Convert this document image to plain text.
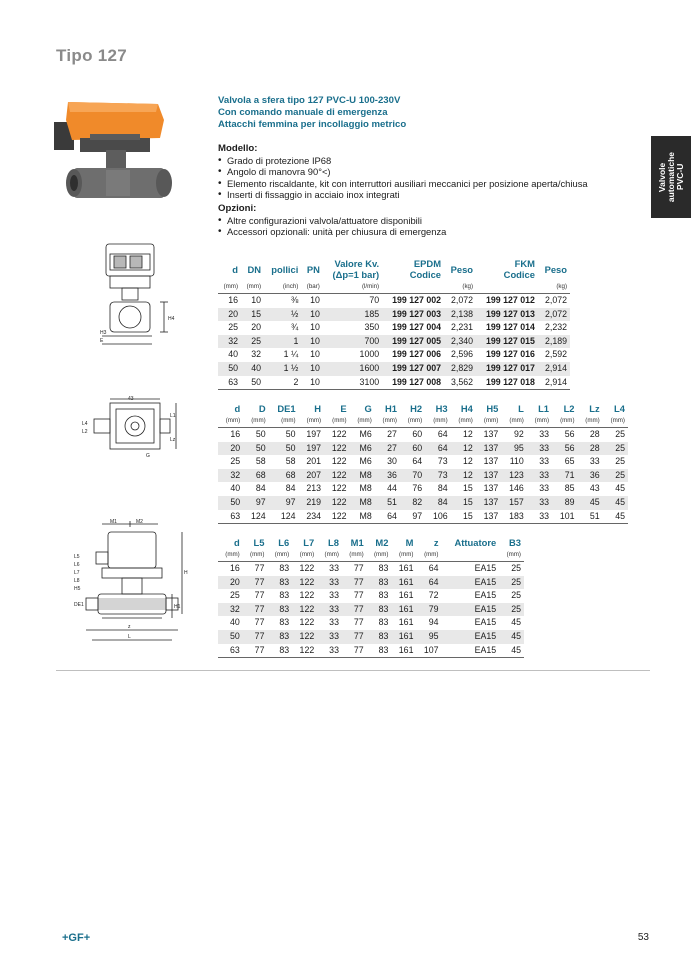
Tipo 127
Valvole
automatiche
PVC-U
H4
H3
E
43
L4
L2
G
L1
Lz
M1	M2
L5
L6
L7
L8
DE1	H1
H
L
z
H5
Valvola a sfera tipo 127 PVC-U 100-230V
Con comando manuale di emergenza
Attacchi femmina per incollaggio metrico
Modello:
• Grado di protezione IP68
• Angolo di manovra 90°<)
• Elemento riscaldante, kit con interruttori ausiliari meccanici per posizione aperta/chiusa
• Inserti di fissaggio in acciaio inox integrati
Opzioni:
• Altre configurazioni valvola/attuatore disponibili
• Accessori opzionali: unità per chiusura di emergenza
d	DN	pollici	PN	Valore Kv.
(Δp=1 bar)	EPDM
Codice	Peso	FKM
Codice	Peso
(mm)	(mm)	(inch)	(bar)	(l/min)		(kg)		(kg)
16	10	⅜	10	70	199 127 002	2,072	199 127 012	2,072
20	15	½	10	185	199 127 003	2,138	199 127 013	2,072
25	20	¾	10	350	199 127 004	2,231	199 127 014	2,232
32	25	1	10	700	199 127 005	2,340	199 127 015	2,189
40	32	1 ¼	10	1000	199 127 006	2,596	199 127 016	2,592
50	40	1 ½	10	1600	199 127 007	2,829	199 127 017	2,914
63	50	2	10	3100	199 127 008	3,562	199 127 018	2,914
d	D	DE1	H	E	G	H1	H2	H3	H4	H5	L	L1	L2	Lz	L4
(mm)	(mm)	(mm)	(mm)	(mm)	(mm)	(mm)	(mm)	(mm)	(mm)	(mm)	(mm)	(mm)	(mm)	(mm)	(mm)
16	50	50	197	122	M6	27	60	64	12	137	92	33	56	28	25
20	50	50	197	122	M6	27	60	64	12	137	95	33	56	28	25
25	58	58	201	122	M6	30	64	73	12	137	110	33	65	33	25
32	68	68	207	122	M8	36	70	73	12	137	123	33	71	36	25
40	84	84	213	122	M8	44	76	84	15	137	146	33	85	43	45
50	97	97	219	122	M8	51	82	84	15	137	157	33	89	45	45
63	124	124	234	122	M8	64	97	106	15	137	183	33	101	51	45
d	L5	L6	L7	L8	M1	M2	M	z	Attuatore	B3
(mm)	(mm)	(mm)	(mm)	(mm)	(mm)	(mm)	(mm)	(mm)		(mm)
16	77	83	122	33	77	83	161	64	EA15	25
20	77	83	122	33	77	83	161	64	EA15	25
25	77	83	122	33	77	83	161	72	EA15	25
32	77	83	122	33	77	83	161	79	EA15	25
40	77	83	122	33	77	83	161	94	EA15	45
50	77	83	122	33	77	83	161	95	EA15	45
63	77	83	122	33	77	83	161	107	EA15	45
+GF+	53
